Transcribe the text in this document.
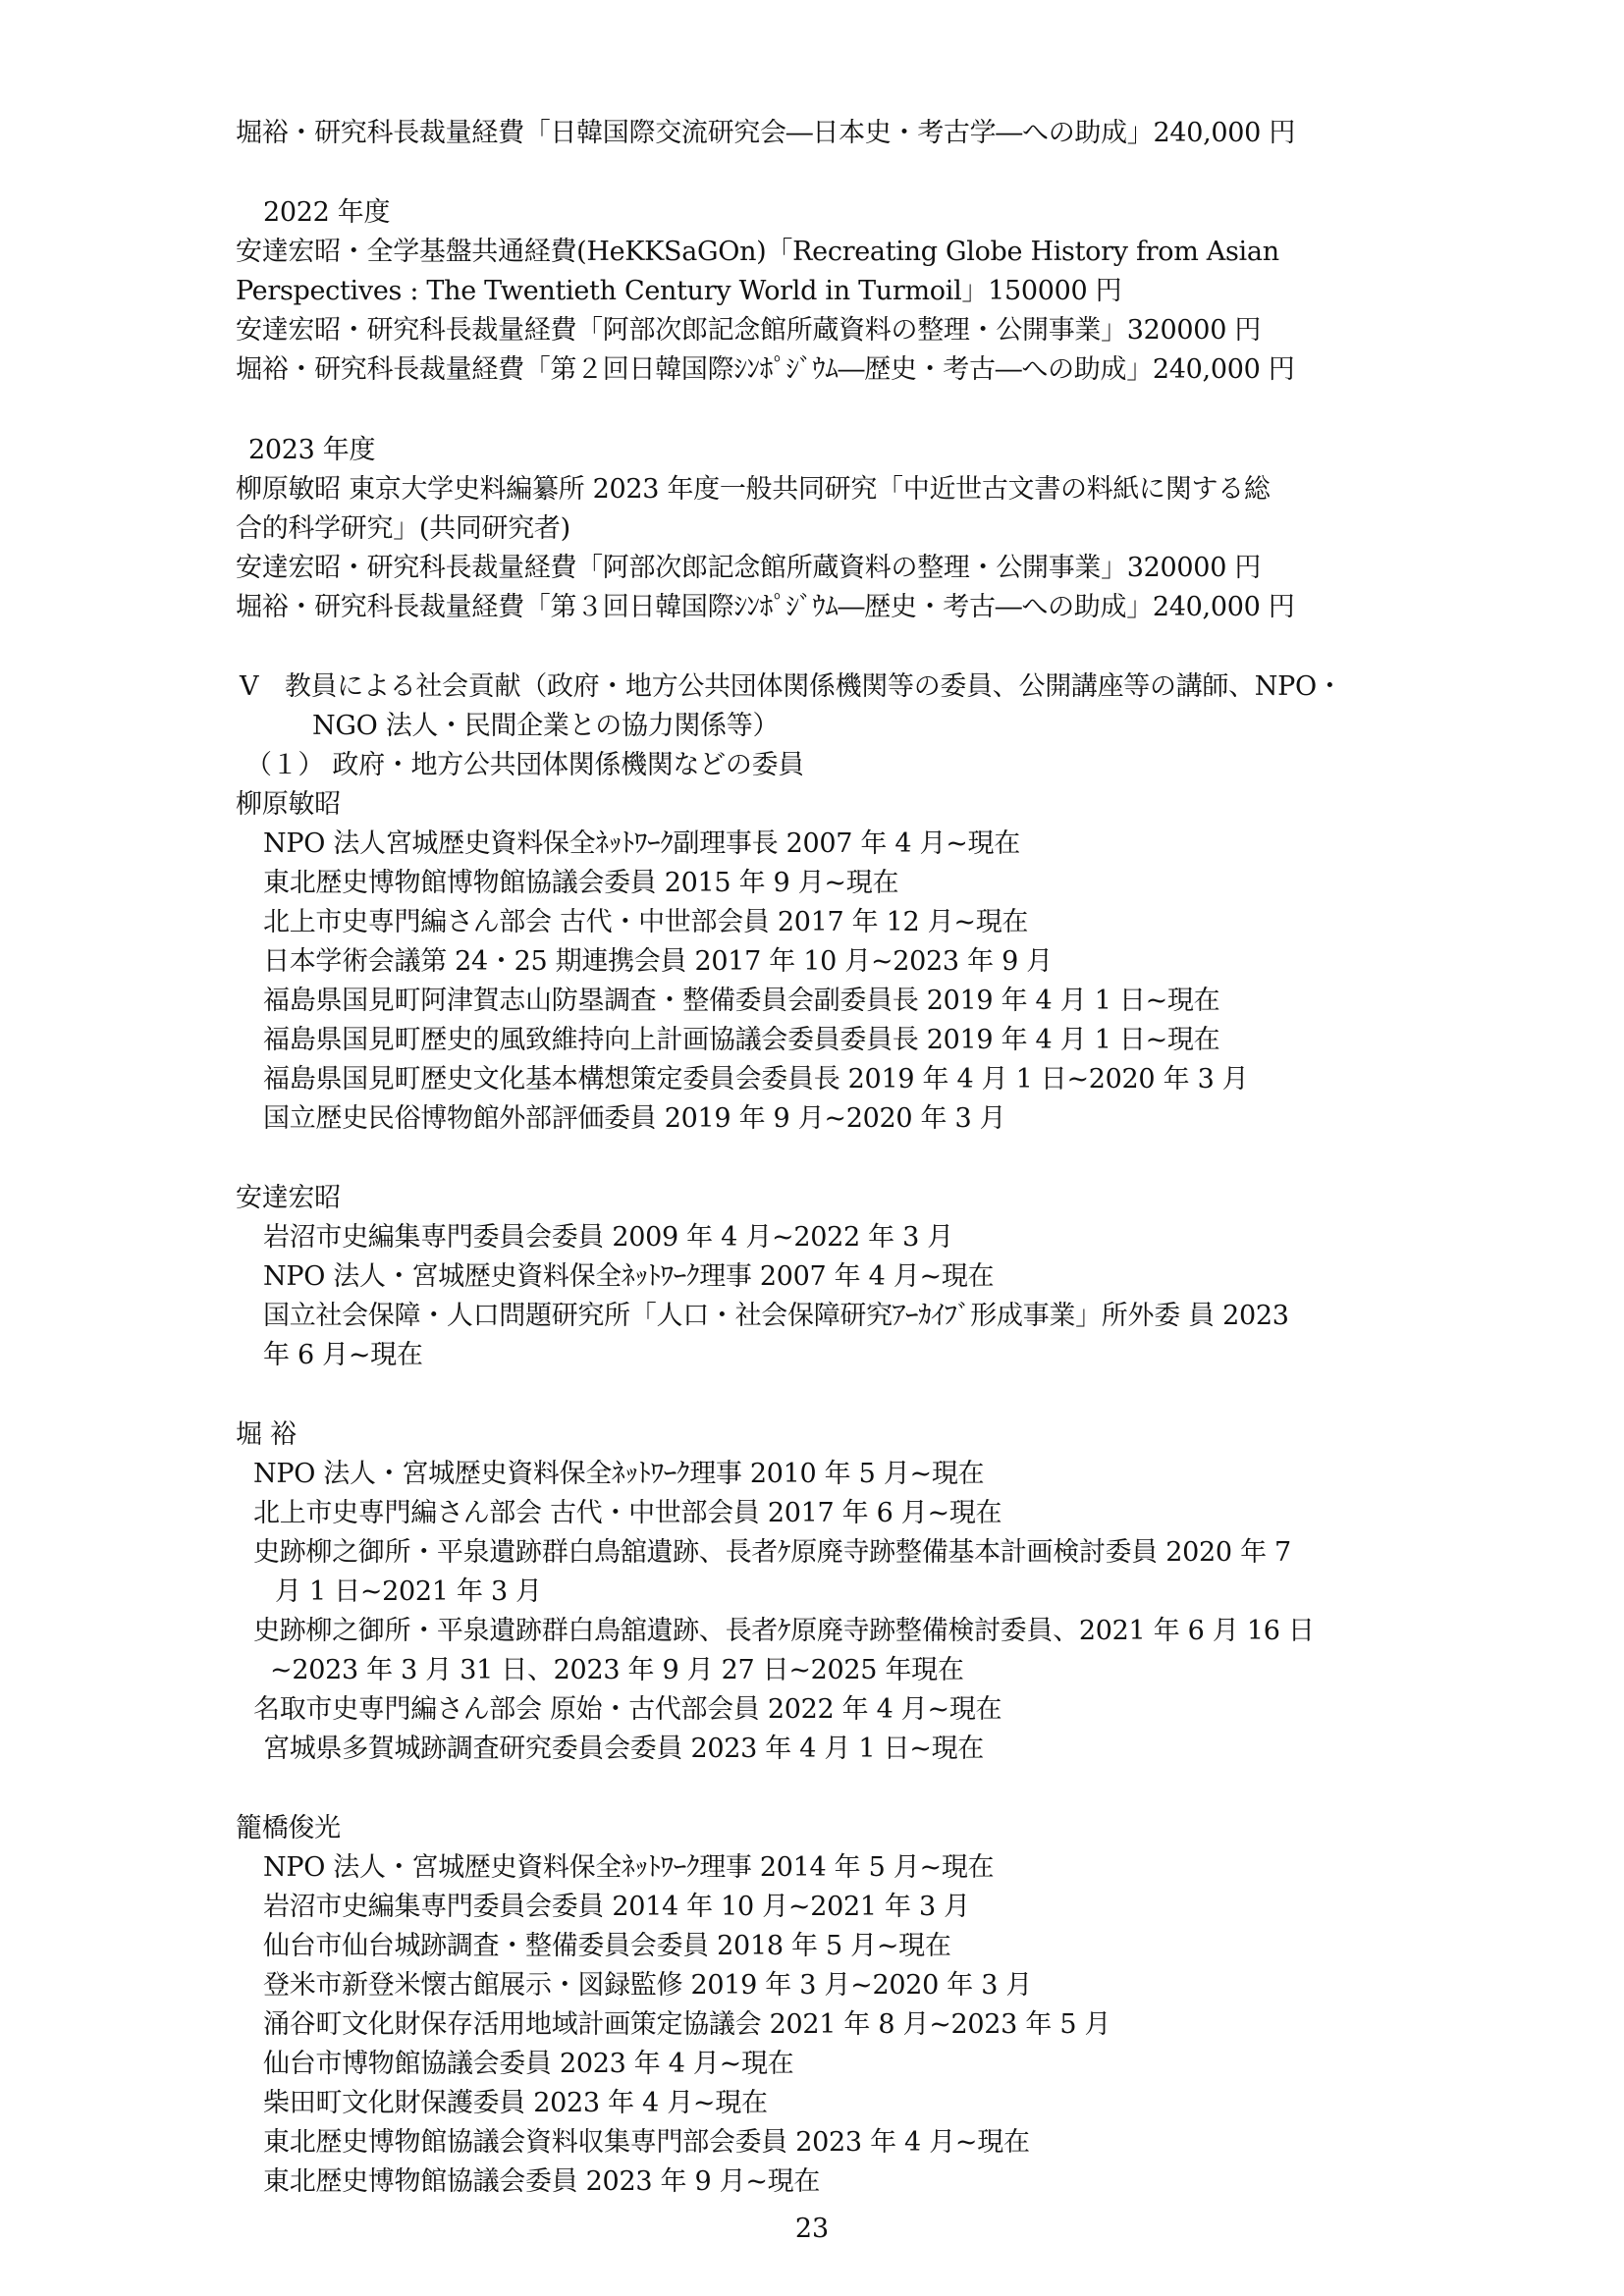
堀裕・研究科長裁量経費「日韓国際交流研究会―日本史・考古学―への助成」240,000 円
2022 年度
安達宏昭・全学基盤共通経費(HeKKSaGOn)「Recreating Globe History from Asian
Perspectives : The Twentieth Century World in Turmoil」150000 円
安達宏昭・研究科長裁量経費「阿部次郎記念館所蔵資料の整理・公開事業」320000 円
堀裕・研究科長裁量経費「第２回日韓国際ｼﾝﾎﾟｼﾞｳﾑ―歴史・考古―への助成」240,000 円
2023 年度
柳原敏昭 東京大学史料編纂所 2023 年度一般共同研究「中近世古文書の料紙に関する総
合的科学研究」(共同研究者)
安達宏昭・研究科長裁量経費「阿部次郎記念館所蔵資料の整理・公開事業」320000 円
堀裕・研究科長裁量経費「第３回日韓国際ｼﾝﾎﾟｼﾞｳﾑ―歴史・考古―への助成」240,000 円
Ⅴ　教員による社会貢献（政府・地方公共団体関係機関等の委員、公開講座等の講師、NPO・
NGO 法人・民間企業との協力関係等）
（１） 政府・地方公共団体関係機関などの委員
柳原敏昭
NPO 法人宮城歴史資料保全ﾈｯﾄﾜｰｸ副理事長 2007 年 4 月~現在
東北歴史博物館博物館協議会委員 2015 年 9 月~現在
北上市史専門編さん部会 古代・中世部会員 2017 年 12 月~現在
日本学術会議第 24・25 期連携会員 2017 年 10 月~2023 年 9 月
福島県国見町阿津賀志山防塁調査・整備委員会副委員長 2019 年 4 月 1 日~現在
福島県国見町歴史的風致維持向上計画協議会委員委員長 2019 年 4 月 1 日~現在
福島県国見町歴史文化基本構想策定委員会委員長 2019 年 4 月 1 日~2020 年 3 月
国立歴史民俗博物館外部評価委員 2019 年 9 月~2020 年 3 月
安達宏昭
岩沼市史編集専門委員会委員 2009 年 4 月~2022 年 3 月
NPO 法人・宮城歴史資料保全ﾈｯﾄﾜｰｸ理事 2007 年 4 月~現在
国立社会保障・人口問題研究所「人口・社会保障研究ｱｰｶｲﾌﾞ形成事業」所外委 員 2023
年 6 月~現在
堀 裕
NPO 法人・宮城歴史資料保全ﾈｯﾄﾜｰｸ理事 2010 年 5 月~現在
北上市史専門編さん部会 古代・中世部会員 2017 年 6 月~現在
史跡柳之御所・平泉遺跡群白鳥舘遺跡、長者ｹ原廃寺跡整備基本計画検討委員 2020 年 7
月 1 日~2021 年 3 月
史跡柳之御所・平泉遺跡群白鳥舘遺跡、長者ｹ原廃寺跡整備検討委員、2021 年 6 月 16 日
~2023 年 3 月 31 日、2023 年 9 月 27 日~2025 年現在
名取市史専門編さん部会 原始・古代部会員 2022 年 4 月~現在
宮城県多賀城跡調査研究委員会委員 2023 年 4 月 1 日~現在
籠橋俊光
NPO 法人・宮城歴史資料保全ﾈｯﾄﾜｰｸ理事 2014 年 5 月~現在
岩沼市史編集専門委員会委員 2014 年 10 月~2021 年 3 月
仙台市仙台城跡調査・整備委員会委員 2018 年 5 月~現在
登米市新登米懐古館展示・図録監修 2019 年 3 月~2020 年 3 月
涌谷町文化財保存活用地域計画策定協議会 2021 年 8 月~2023 年 5 月
仙台市博物館協議会委員 2023 年 4 月~現在
柴田町文化財保護委員 2023 年 4 月~現在
東北歴史博物館協議会資料収集専門部会委員 2023 年 4 月~現在
東北歴史博物館協議会委員 2023 年 9 月~現在
23
